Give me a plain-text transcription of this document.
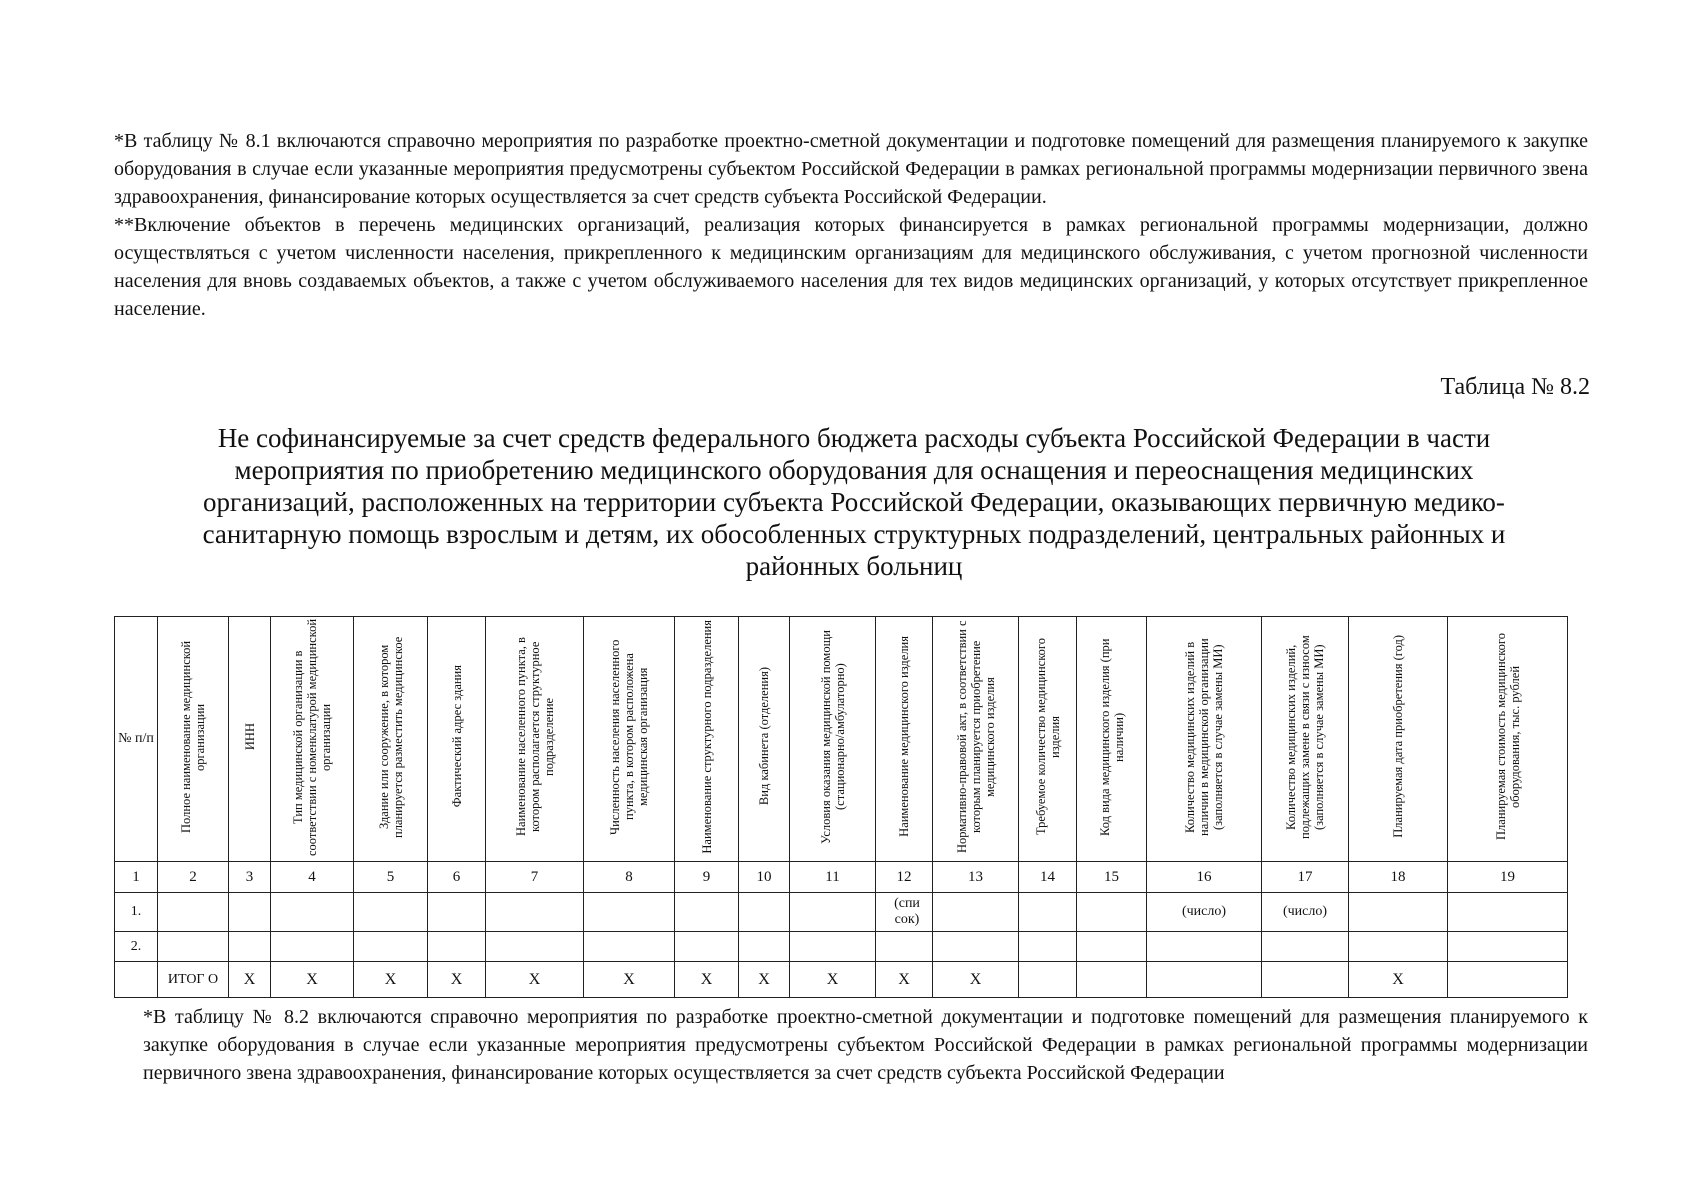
*В таблицу № 8.1 включаются справочно мероприятия по разработке проектно-сметной документации и подготовке помещений для размещения планируемого к закупке оборудования в случае если указанные мероприятия предусмотрены субъектом Российской Федерации в рамках региональной программы модернизации первичного звена здравоохранения, финансирование которых осуществляется за счет средств субъекта Российской Федерации.

**Включение объектов в перечень медицинских организаций, реализация которых финансируется в рамках региональной программы модернизации, должно осуществляться с учетом численности населения, прикрепленного к медицинским организациям для медицинского обслуживания, с учетом прогнозной численности населения для вновь создаваемых объектов, а также с учетом обслуживаемого населения для тех видов медицинских организаций, у которых отсутствует прикрепленное население.

Таблица № 8.2
Не софинансируемые за счет средств федерального бюджета расходы субъекта Российской Федерации в части мероприятия по приобретению медицинского оборудования для оснащения и переоснащения медицинских организаций, расположенных на территории субъекта Российской Федерации, оказывающих первичную медико-санитарную помощь взрослым и детям, их обособленных структурных подразделений, центральных районных и районных больниц
№ п/п	Полное наименование медицинской организации	ИНН	Тип медицинской организации в соответствии с номенклатурой медицинской организации	Здание или сооружение, в котором планируется разместить медицинское	Фактический адрес здания	Наименование населенного пункта, в котором располагается структурное подразделение	Численность населения населенного пункта, в котором расположена медицинская организация	Наименование структурного подразделения	Вид кабинета (отделения)	Условия оказания медицинской помощи (стационарно/амбулаторно)	Наименование медицинского изделия	Нормативно-правовой акт, в соответствии с которым планируется приобретение медицинского изделия	Требуемое количество медицинского изделия	Код вида медицинского изделия (при наличии)	Количество медицинских изделий в наличии в медицинской организации (заполняется в случае замены МИ)	Количество медицинских изделий, подлежащих замене в связи с износом (заполняется в случае замены МИ)	Планируемая дата приобретения (год)	Планируемая стоимость медицинского оборудования, тыс. рублей
1	2	3	4	5	6	7	8	9	10	11	12	13	14	15	16	17	18	19
1.											(спи сок)				(число)	(число)		
2.																		
	ИТОГ О	X	X	X	X	X	X	X	X	X	X	X					X	

*В таблицу № 8.2 включаются справочно мероприятия по разработке проектно-сметной документации и подготовке помещений для размещения планируемого к закупке оборудования в случае если указанные мероприятия предусмотрены субъектом Российской Федерации в рамках региональной программы модернизации первичного звена здравоохранения, финансирование которых осуществляется за счет средств субъекта Российской Федерации
